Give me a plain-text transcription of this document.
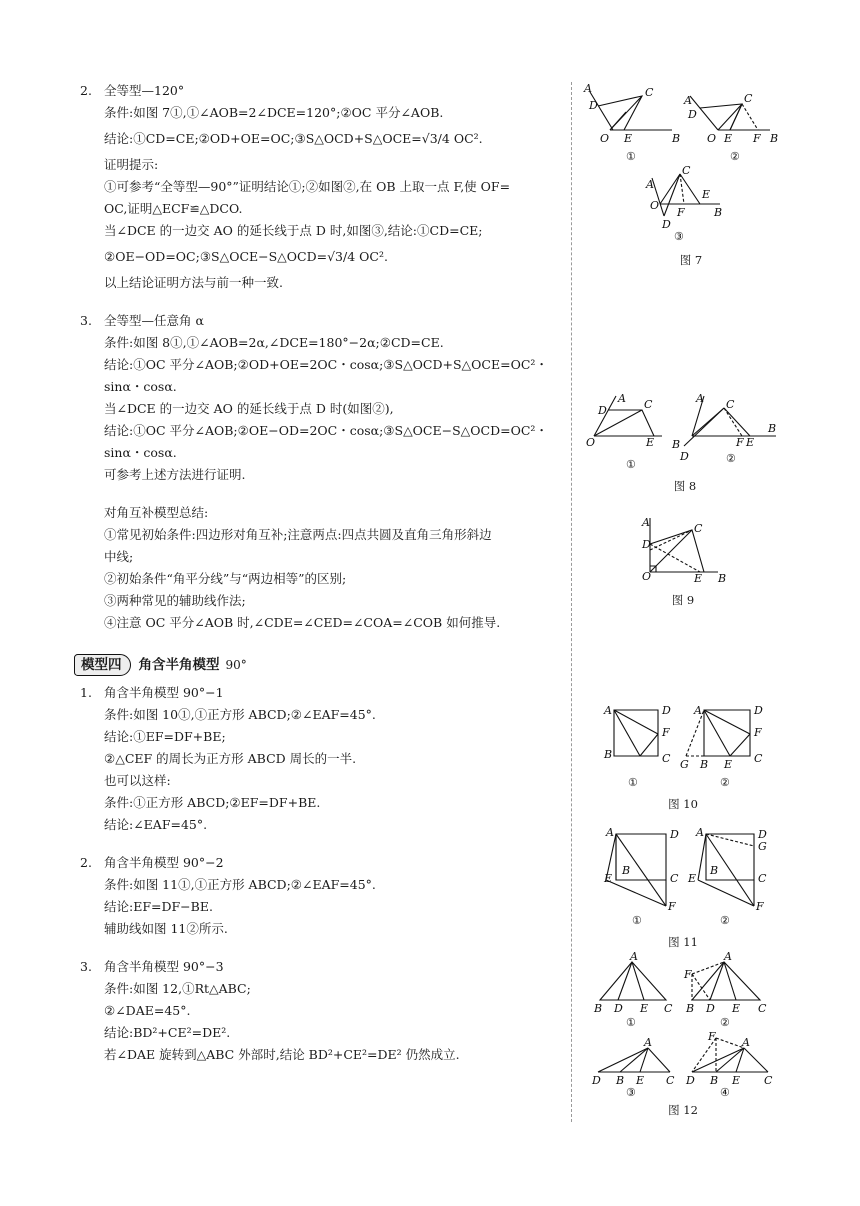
2. 全等型—120°
条件:如图 7①,①∠AOB=2∠DCE=120°;②OC 平分∠AOB.
结论:①CD=CE;②OD+OE=OC;③S△OCD+S△OCE=√3/4 OC².
证明提示:
①可参考“全等型—90°”证明结论①;②如图②,在 OB 上取一点 F,使 OF=
OC,证明△ECF≌△DCO.
当∠DCE 的一边交 AO 的延长线于点 D 时,如图③,结论:①CD=CE;
②OE−OD=OC;③S△OCE−S△OCD=√3/4 OC².
以上结论证明方法与前一种一致.
3. 全等型—任意角 α
条件:如图 8①,①∠AOB=2α,∠DCE=180°−2α;②CD=CE.
结论:①OC 平分∠AOB;②OD+OE=2OC・cosα;③S△OCD+S△OCE=OC²・
sinα・cosα.
当∠DCE 的一边交 AO 的延长线于点 D 时(如图②),
结论:①OC 平分∠AOB;②OE−OD=2OC・cosα;③S△OCE−S△OCD=OC²・
sinα・cosα.
可参考上述方法进行证明.
对角互补模型总结:
①常见初始条件:四边形对角互补;注意两点:四点共圆及直角三角形斜边
中线;
②初始条件“角平分线”与“两边相等”的区别;
③两种常见的辅助线作法;
④注意 OC 平分∠AOB 时,∠CDE=∠CED=∠COA=∠COB 如何推导.
模型四	角含半角模型 90°
1. 角含半角模型 90°−1
条件:如图 10①,①正方形 ABCD;②∠EAF=45°.
结论:①EF=DF+BE;
②△CEF 的周长为正方形 ABCD 周长的一半.
也可以这样:
条件:①正方形 ABCD;②EF=DF+BE.
结论:∠EAF=45°.
2. 角含半角模型 90°−2
条件:如图 11①,①正方形 ABCD;②∠EAF=45°.
结论:EF=DF−BE.
辅助线如图 11②所示.
3. 角含半角模型 90°−3
条件:如图 12,①Rt△ABC;
②∠DAE=45°.
结论:BD²+CE²=DE².
若∠DAE 旋转到△ABC 外部时,结论 BD²+CE²=DE² 仍然成立.
A
D
C
O E	B
①
A
D
C
O E F B
②
A
C
O
D
F
E
B
③
图 7
A
D	C
O	E
①
A C
B
D
F E
B
②
图 8
A
D
C
O	E B
图 9
A	D
F
B	C
①
A	D
F
G B E C
②
图 10
A	D
B
E	C
F
①
A	D
G
B
E	C
F
②
图 11
A
B D E C
①
A
F
B D E C
②
A
D B E C
③
A
F
D B E C
④
图 12
